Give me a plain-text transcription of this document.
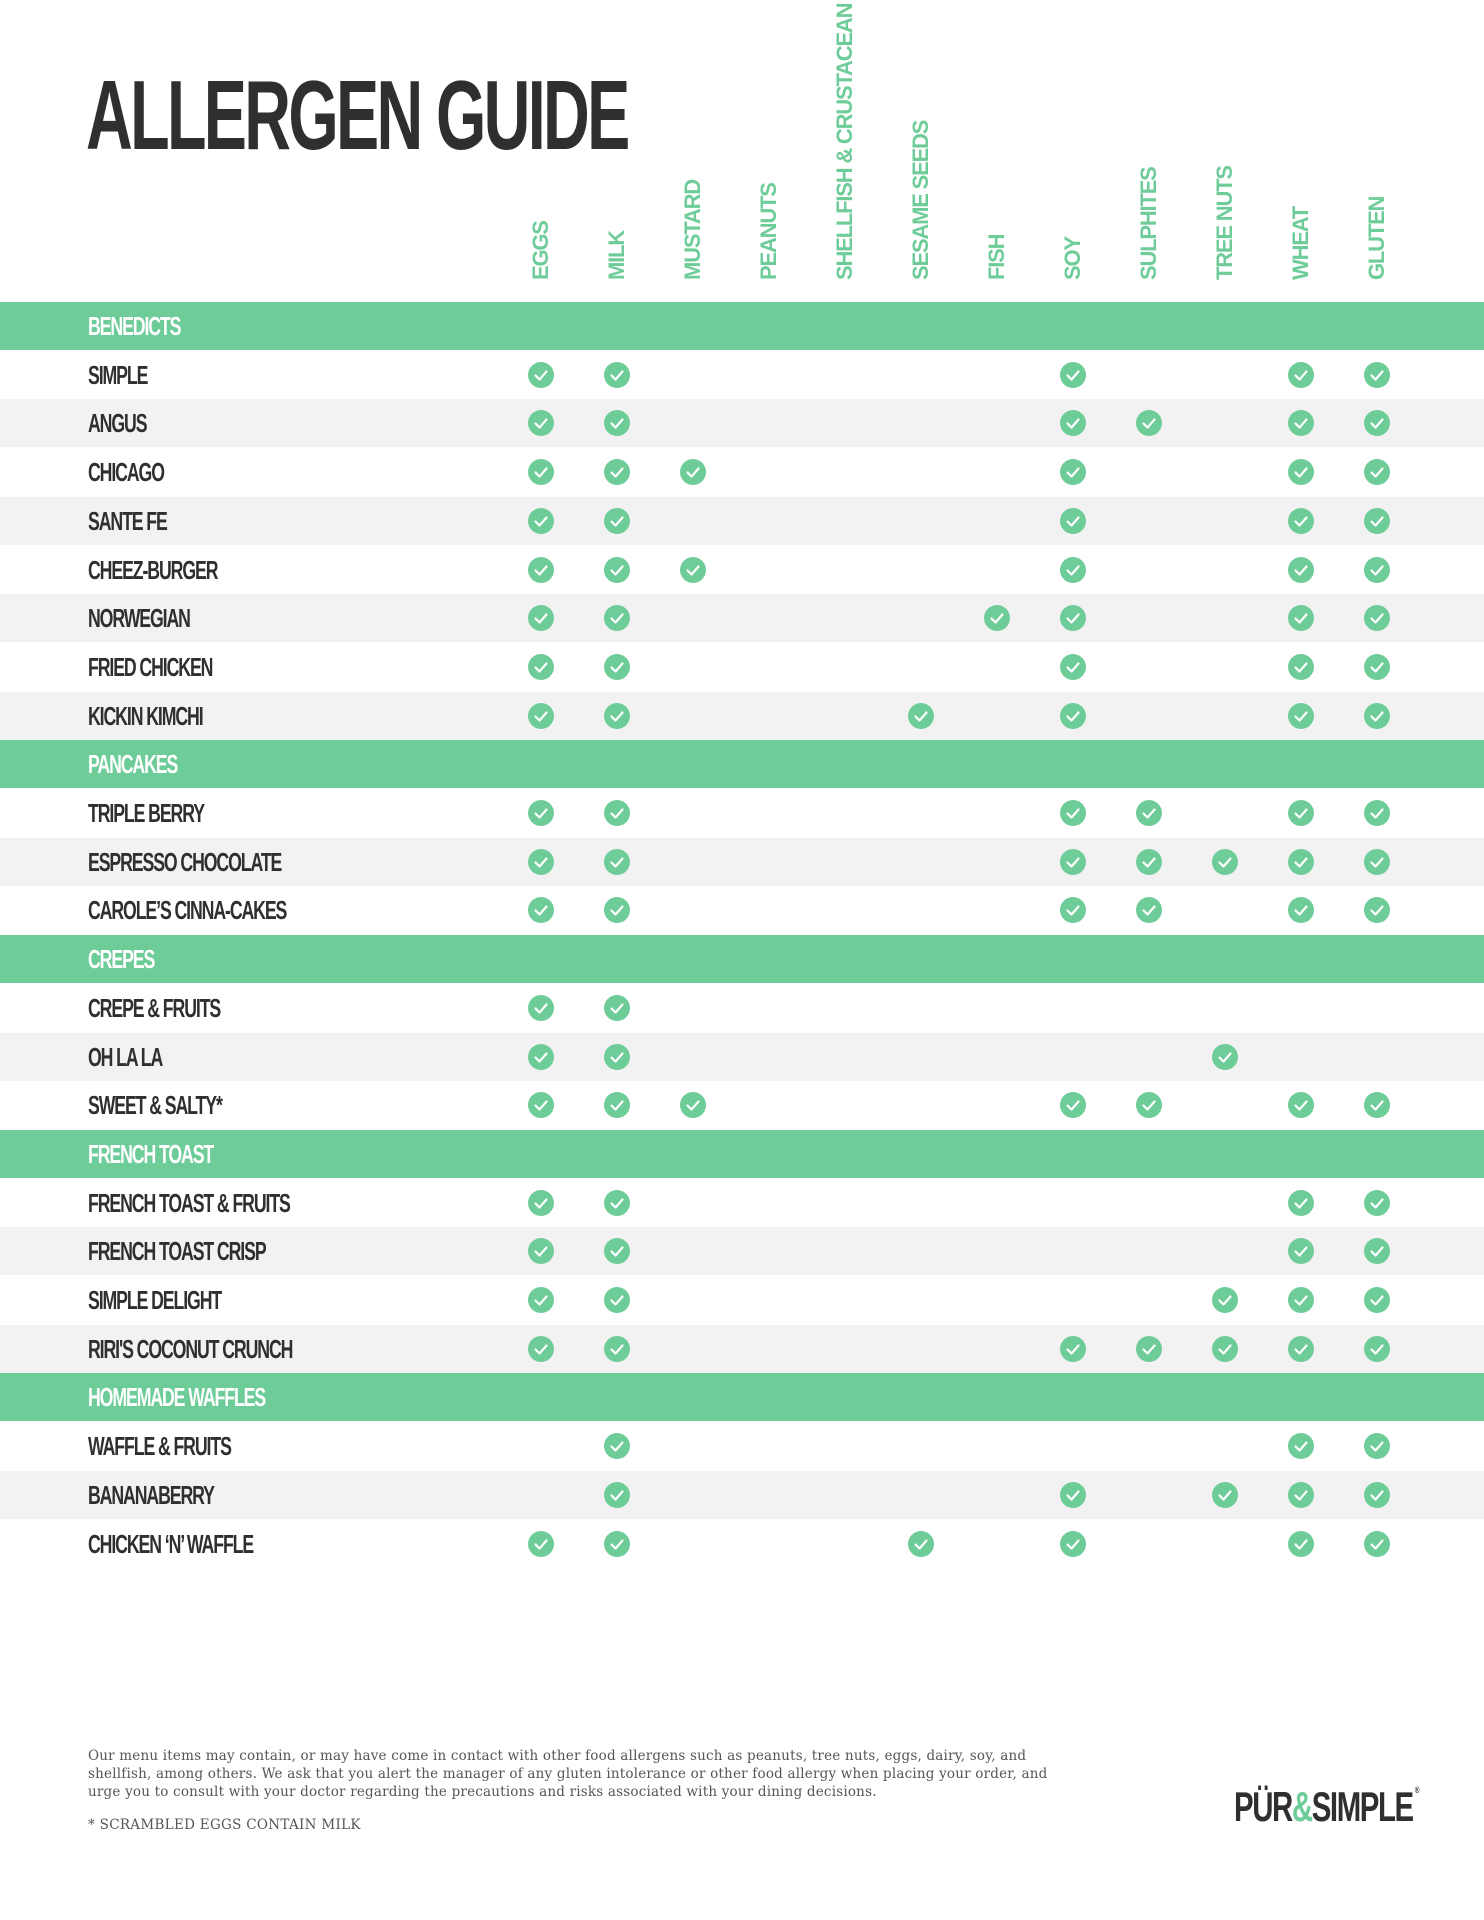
ALLERGEN GUIDE
EGGS MILK MUSTARD PEANUTS SHELLFISH & CRUSTACEAN SESAME SEEDS FISH SOY SULPHITES TREE NUTS WHEAT GLUTEN
BENEDICTS
SIMPLE
ANGUS
CHICAGO
SANTE FE
CHEEZ-BURGER
NORWEGIAN
FRIED CHICKEN
KICKIN KIMCHI
PANCAKES
TRIPLE BERRY
ESPRESSO CHOCOLATE
CAROLE’S CINNA-CAKES
CREPES
CREPE & FRUITS
OH LA LA
SWEET & SALTY*
FRENCH TOAST
FRENCH TOAST & FRUITS
FRENCH TOAST CRISP
SIMPLE DELIGHT
RIRI'S COCONUT CRUNCH
HOMEMADE WAFFLES
WAFFLE & FRUITS
BANANABERRY
CHICKEN ‘N’ WAFFLE

Our menu items may contain, or may have come in contact with other food allergens such as peanuts, tree nuts, eggs, dairy, soy, and shellfish, among others. We ask that you alert the manager of any gluten intolerance or other food allergy when placing your order, and urge you to consult with your doctor regarding the precautions and risks associated with your dining decisions.

* SCRAMBLED EGGS CONTAIN MILK	PÜR&SIMPLE ®
